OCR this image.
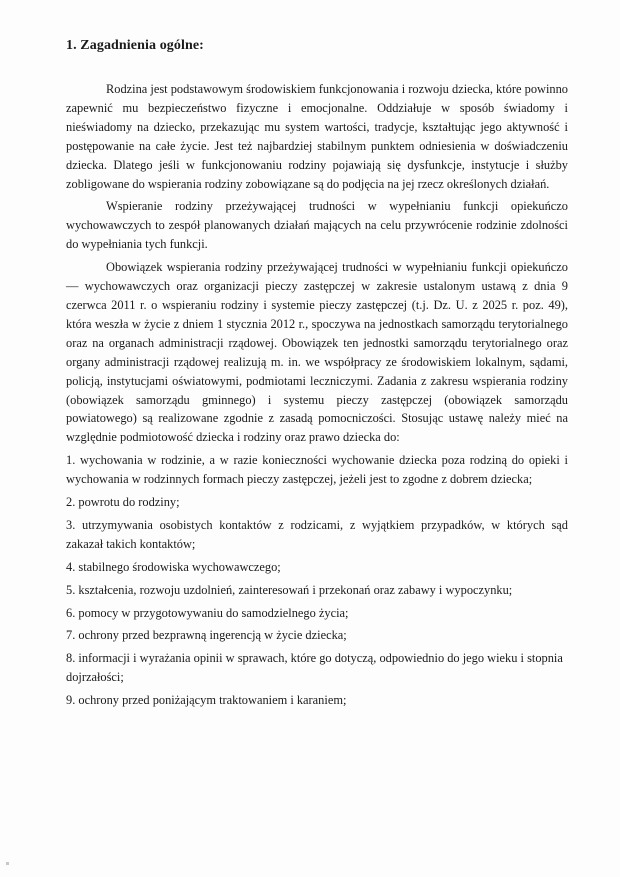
1. Zagadnienia ogólne:

Rodzina jest podstawowym środowiskiem funkcjonowania i rozwoju dziecka, które powinno zapewnić mu bezpieczeństwo fizyczne i emocjonalne. Oddziałuje w sposób świadomy i nieświadomy na dziecko, przekazując mu system wartości, tradycje, kształtując jego aktywność i postępowanie na całe życie. Jest też najbardziej stabilnym punktem odniesienia w doświadczeniu dziecka. Dlatego jeśli w funkcjonowaniu rodziny pojawiają się dysfunkcje, instytucje i służby zobligowane do wspierania rodziny zobowiązane są do podjęcia na jej rzecz określonych działań.

Wspieranie rodziny przeżywającej trudności w wypełnianiu funkcji opiekuńczo wychowawczych to zespół planowanych działań mających na celu przywrócenie rodzinie zdolności do wypełniania tych funkcji.

Obowiązek wspierania rodziny przeżywającej trudności w wypełnianiu funkcji opiekuńczo — wychowawczych oraz organizacji pieczy zastępczej w zakresie ustalonym ustawą z dnia 9 czerwca 2011 r. o wspieraniu rodziny i systemie pieczy zastępczej (t.j. Dz. U. z 2025 r. poz. 49), która weszła w życie z dniem 1 stycznia 2012 r., spoczywa na jednostkach samorządu terytorialnego oraz na organach administracji rządowej. Obowiązek ten jednostki samorządu terytorialnego oraz organy administracji rządowej realizują m. in. we współpracy ze środowiskiem lokalnym, sądami, policją, instytucjami oświatowymi, podmiotami leczniczymi. Zadania z zakresu wspierania rodziny (obowiązek samorządu gminnego) i systemu pieczy zastępczej (obowiązek samorządu powiatowego) są realizowane zgodnie z zasadą pomocniczości. Stosując ustawę należy mieć na względnie podmiotowość dziecka i rodziny oraz prawo dziecka do:

1. wychowania w rodzinie, a w razie konieczności wychowanie dziecka poza rodziną do opieki i wychowania w rodzinnych formach pieczy zastępczej, jeżeli jest to zgodne z dobrem dziecka;
2. powrotu do rodziny;
3. utrzymywania osobistych kontaktów z rodzicami, z wyjątkiem przypadków, w których sąd zakazał takich kontaktów;
4. stabilnego środowiska wychowawczego;
5. kształcenia, rozwoju uzdolnień, zainteresowań i przekonań oraz zabawy i wypoczynku;
6. pomocy w przygotowywaniu do samodzielnego życia;
7. ochrony przed bezprawną ingerencją w życie dziecka;
8. informacji i wyrażania opinii w sprawach, które go dotyczą, odpowiednio do jego wieku i stopnia dojrzałości;
9. ochrony przed poniżającym traktowaniem i karaniem;
